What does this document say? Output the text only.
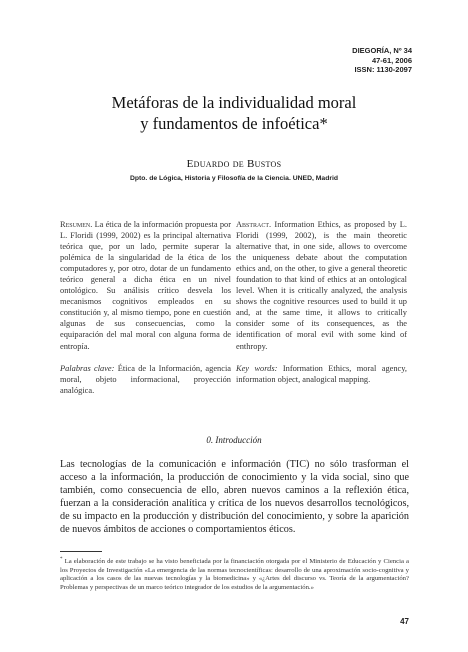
DIEGORÍA, Nº 34
47-61, 2006
ISSN: 1130-2097
Metáforas de la individualidad moral
y fundamentos de infoética*
Eduardo de Bustos
Dpto. de Lógica, Historia y Filosofía de la Ciencia. UNED, Madrid

Resumen. La ética de la información propuesta por L. Floridi (1999, 2002) es la principal alternativa teórica que, por un lado, permite superar la polémica de la singularidad de la ética de los computadores y, por otro, dotar de un fundamento teórico general a dicha ética en un nivel ontológico. Su análisis crítico desvela los mecanismos cognitivos empleados en su constitución y, al mismo tiempo, pone en cuestión algunas de sus consecuencias, como la equiparación del mal moral con alguna forma de entropía.

Palabras clave: Ética de la Información, agencia moral, objeto informacional, proyección analógica.

Abstract. Information Ethics, as proposed by L. Floridi (1999, 2002), is the main theoretic alternative that, in one side, allows to overcome the uniqueness debate about the computation ethics and, on the other, to give a general theoretic foundation to that kind of ethics at an ontological level. When it is critically analyzed, the analysis shows the cognitive resources used to build it up and, at the same time, it allows to critically consider some of its consequences, as the identification of moral evil with some kind of enthropy.

Key words: Information Ethics, moral agency, information object, analogical mapping.

0. Introducción

Las tecnologías de la comunicación e información (TIC) no sólo trasforman el acceso a la información, la producción de conocimiento y la vida social, sino que también, como consecuencia de ello, abren nuevos caminos a la reflexión ética, fuerzan a la consideración analítica y crítica de los nuevos desarrollos tecnológicos, de su impacto en la producción y distribución del conocimiento, y sobre la aparición de nuevos ámbitos de acciones o comportamientos éticos.

* La elaboración de este trabajo se ha visto beneficiada por la financiación otorgada por el Ministerio de Educación y Ciencia a los Proyectos de Investigación «La emergencia de las normas tecnocientíficas: desarrollo de una aproximación socio-cognitiva y aplicación a los casos de las nuevas tecnologías y la biomedicina» y «¿Artes del discurso vs. Teoría de la argumentación? Problemas y perspectivas de un marco teórico integrador de los estudios de la argumentación.»

47
